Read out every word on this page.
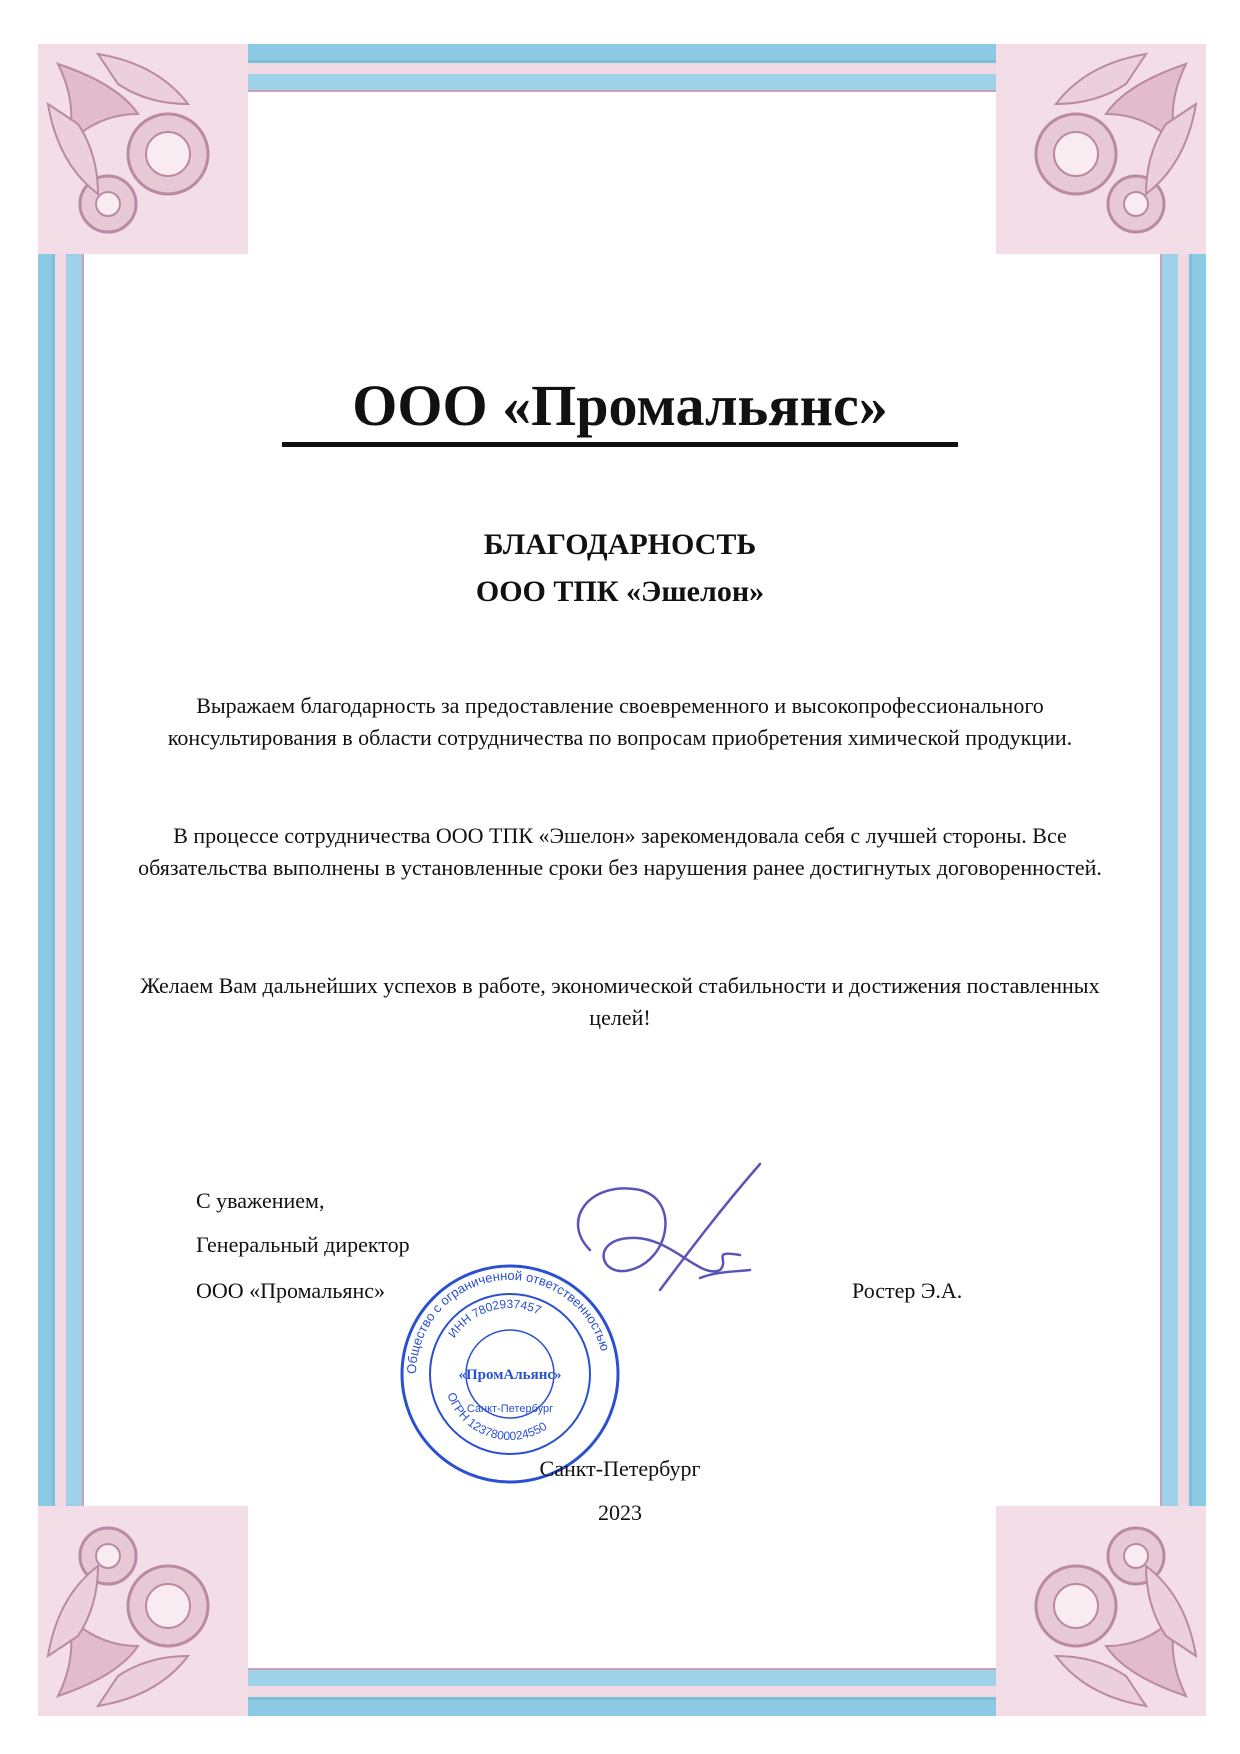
ООО «Промальянс»
БЛАГОДАРНОСТЬ
ООО ТПК «Эшелон»
Выражаем благодарность за предоставление своевременного и высокопрофессионального консультирования в области сотрудничества по вопросам приобретения химической продукции.
В процессе сотрудничества ООО ТПК «Эшелон» зарекомендовала себя с лучшей стороны. Все обязательства выполнены в установленные сроки без нарушения ранее достигнутых договоренностей.
Желаем Вам дальнейших успехов в работе, экономической стабильности и достижения поставленных целей!
С уважением,
Генеральный директор
ООО «Промальянс»	Ростер Э.А.
Общество с ограниченной ответственностью
ИНН 7802937457
ОГРН 1237800024550
«ПромАльянс»
Санкт-Петербург
Санкт-Петербург
2023
